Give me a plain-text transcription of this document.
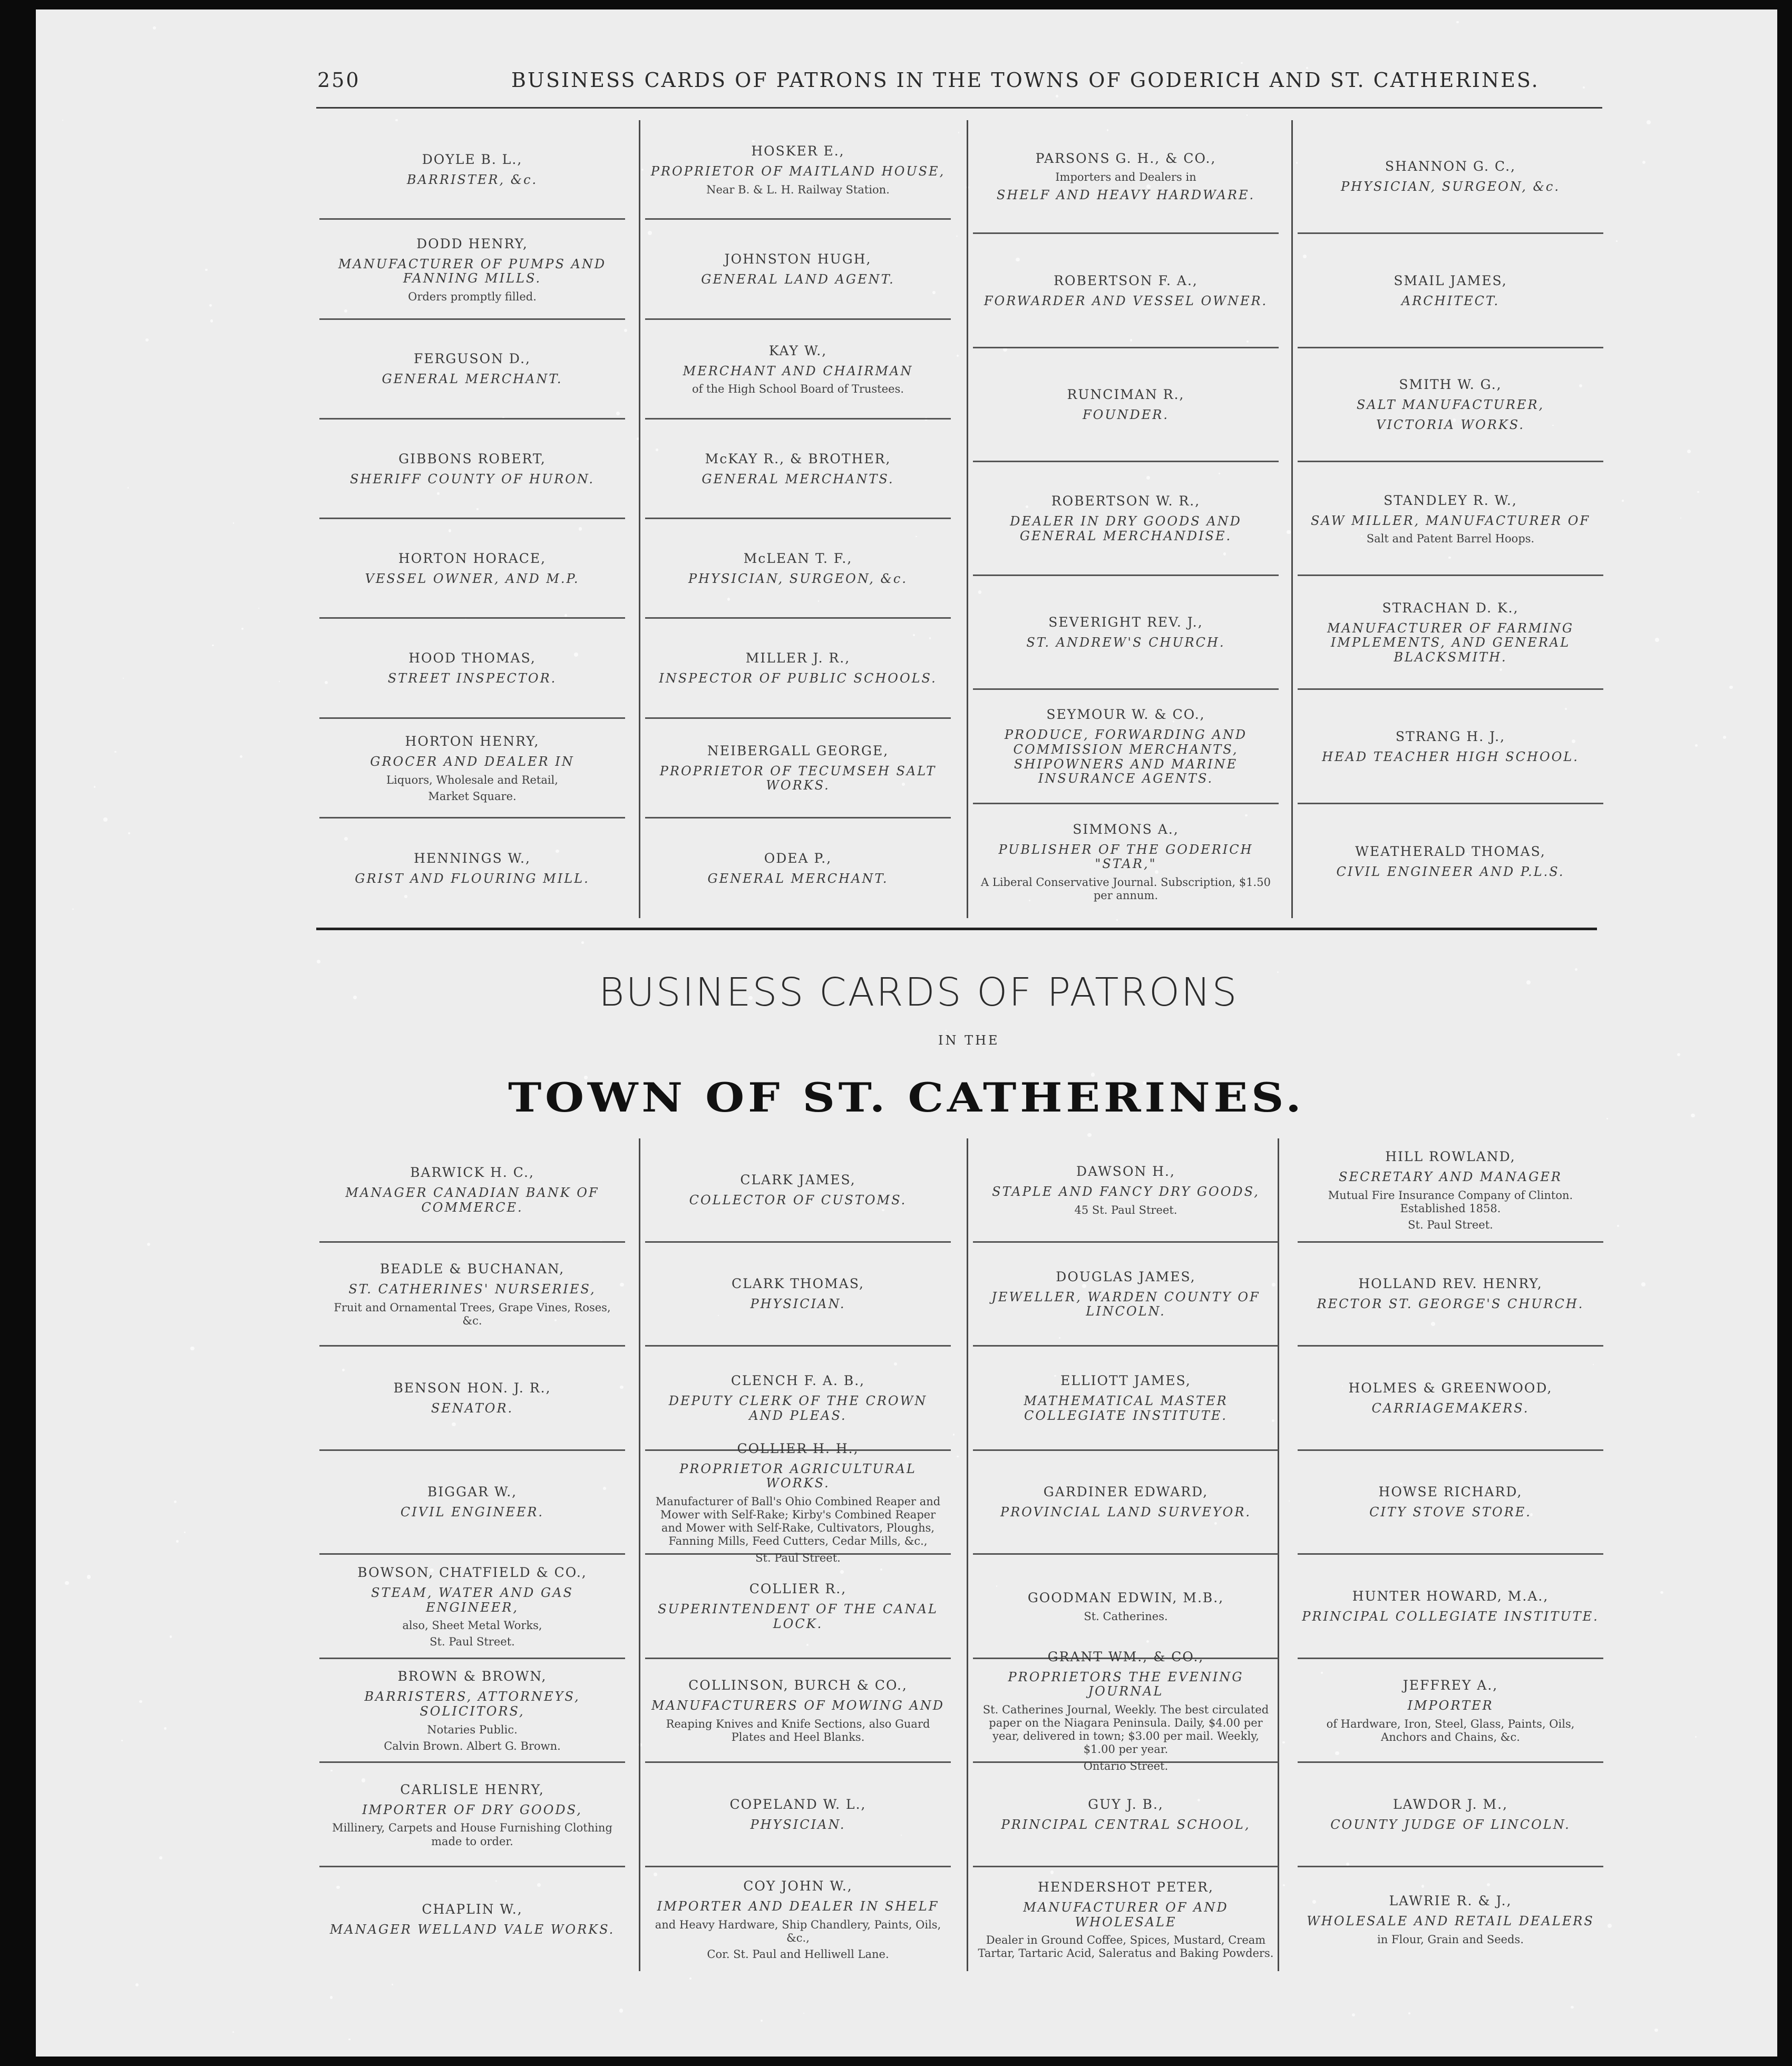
250	BUSINESS CARDS OF PATRONS IN THE TOWNS OF GODERICH AND ST. CATHERINES.
DOYLE B. L.,
BARRISTER, &c.
DODD HENRY,
MANUFACTURER OF PUMPS AND FANNING MILLS.
Orders promptly filled.
FERGUSON D.,
GENERAL MERCHANT.
GIBBONS ROBERT,
SHERIFF COUNTY OF HURON.
HORTON HORACE,
VESSEL OWNER, AND M.P.
HOOD THOMAS,
STREET INSPECTOR.
HORTON HENRY,
GROCER AND DEALER IN
Liquors, Wholesale and Retail,
Market Square.
HENNINGS W.,
GRIST AND FLOURING MILL.
HOSKER E.,
PROPRIETOR OF MAITLAND HOUSE,
Near B. & L. H. Railway Station.
JOHNSTON HUGH,
GENERAL LAND AGENT.
KAY W.,
MERCHANT AND CHAIRMAN
of the High School Board of Trustees.
McKAY R., & BROTHER,
GENERAL MERCHANTS.
McLEAN T. F.,
PHYSICIAN, SURGEON, &c.
MILLER J. R.,
INSPECTOR OF PUBLIC SCHOOLS.
NEIBERGALL GEORGE,
PROPRIETOR OF TECUMSEH SALT WORKS.
ODEA P.,
GENERAL MERCHANT.
PARSONS G. H., & CO.,
Importers and Dealers in
SHELF AND HEAVY HARDWARE.
ROBERTSON F. A.,
FORWARDER AND VESSEL OWNER.
RUNCIMAN R.,
FOUNDER.
ROBERTSON W. R.,
DEALER IN DRY GOODS AND GENERAL MERCHANDISE.
SEVERIGHT REV. J.,
ST. ANDREW'S CHURCH.
SEYMOUR W. & CO.,
PRODUCE, FORWARDING AND COMMISSION MERCHANTS, SHIPOWNERS AND MARINE INSURANCE AGENTS.
SIMMONS A.,
PUBLISHER OF THE GODERICH "STAR,"
A Liberal Conservative Journal. Subscription, $1.50 per annum.
SHANNON G. C.,
PHYSICIAN, SURGEON, &c.
SMAIL JAMES,
ARCHITECT.
SMITH W. G.,
SALT MANUFACTURER,
VICTORIA WORKS.
STANDLEY R. W.,
SAW MILLER, MANUFACTURER OF
Salt and Patent Barrel Hoops.
STRACHAN D. K.,
MANUFACTURER OF FARMING IMPLEMENTS, AND GENERAL BLACKSMITH.
STRANG H. J.,
HEAD TEACHER HIGH SCHOOL.
WEATHERALD THOMAS,
CIVIL ENGINEER AND P.L.S.
BUSINESS CARDS OF PATRONS
IN THE
TOWN OF ST. CATHERINES.
BARWICK H. C.,
MANAGER CANADIAN BANK OF COMMERCE.
BEADLE & BUCHANAN,
ST. CATHERINES' NURSERIES,
Fruit and Ornamental Trees, Grape Vines, Roses, &c.
BENSON HON. J. R.,
SENATOR.
BIGGAR W.,
CIVIL ENGINEER.
BOWSON, CHATFIELD & CO.,
STEAM, WATER AND GAS ENGINEER,
also, Sheet Metal Works,
St. Paul Street.
BROWN & BROWN,
BARRISTERS, ATTORNEYS, SOLICITORS,
Notaries Public.
Calvin Brown. Albert G. Brown.
CARLISLE HENRY,
IMPORTER OF DRY GOODS,
Millinery, Carpets and House Furnishing Clothing made to order.
CHAPLIN W.,
MANAGER WELLAND VALE WORKS.
CLARK JAMES,
COLLECTOR OF CUSTOMS.
CLARK THOMAS,
PHYSICIAN.
CLENCH F. A. B.,
DEPUTY CLERK OF THE CROWN AND PLEAS.
COLLIER H. H.,
PROPRIETOR AGRICULTURAL WORKS.
Manufacturer of Ball's Ohio Combined Reaper and Mower with Self-Rake; Kirby's Combined Reaper and Mower with Self-Rake, Cultivators, Ploughs, Fanning Mills, Feed Cutters, Cedar Mills, &c.,
St. Paul Street.
COLLIER R.,
SUPERINTENDENT OF THE CANAL LOCK.
COLLINSON, BURCH & CO.,
MANUFACTURERS OF MOWING AND
Reaping Knives and Knife Sections, also Guard Plates and Heel Blanks.
COPELAND W. L.,
PHYSICIAN.
COY JOHN W.,
IMPORTER AND DEALER IN SHELF
and Heavy Hardware, Ship Chandlery, Paints, Oils, &c.,
Cor. St. Paul and Helliwell Lane.
DAWSON H.,
STAPLE AND FANCY DRY GOODS,
45 St. Paul Street.
DOUGLAS JAMES,
JEWELLER, WARDEN COUNTY OF LINCOLN.
ELLIOTT JAMES,
MATHEMATICAL MASTER COLLEGIATE INSTITUTE.
GARDINER EDWARD,
PROVINCIAL LAND SURVEYOR.
GOODMAN EDWIN, M.B.,
St. Catherines.
GRANT WM., & CO.,
PROPRIETORS THE EVENING JOURNAL
St. Catherines Journal, Weekly. The best circulated paper on the Niagara Peninsula. Daily, $4.00 per year, delivered in town; $3.00 per mail. Weekly, $1.00 per year.
Ontario Street.
GUY J. B.,
PRINCIPAL CENTRAL SCHOOL,
HENDERSHOT PETER,
MANUFACTURER OF AND WHOLESALE
Dealer in Ground Coffee, Spices, Mustard, Cream Tartar, Tartaric Acid, Saleratus and Baking Powders.
HILL ROWLAND,
SECRETARY AND MANAGER
Mutual Fire Insurance Company of Clinton. Established 1858.
St. Paul Street.
HOLLAND REV. HENRY,
RECTOR ST. GEORGE'S CHURCH.
HOLMES & GREENWOOD,
CARRIAGEMAKERS.
HOWSE RICHARD,
CITY STOVE STORE.
HUNTER HOWARD, M.A.,
PRINCIPAL COLLEGIATE INSTITUTE.
JEFFREY A.,
IMPORTER
of Hardware, Iron, Steel, Glass, Paints, Oils, Anchors and Chains, &c.
LAWDOR J. M.,
COUNTY JUDGE OF LINCOLN.
LAWRIE R. & J.,
WHOLESALE AND RETAIL DEALERS
in Flour, Grain and Seeds.
